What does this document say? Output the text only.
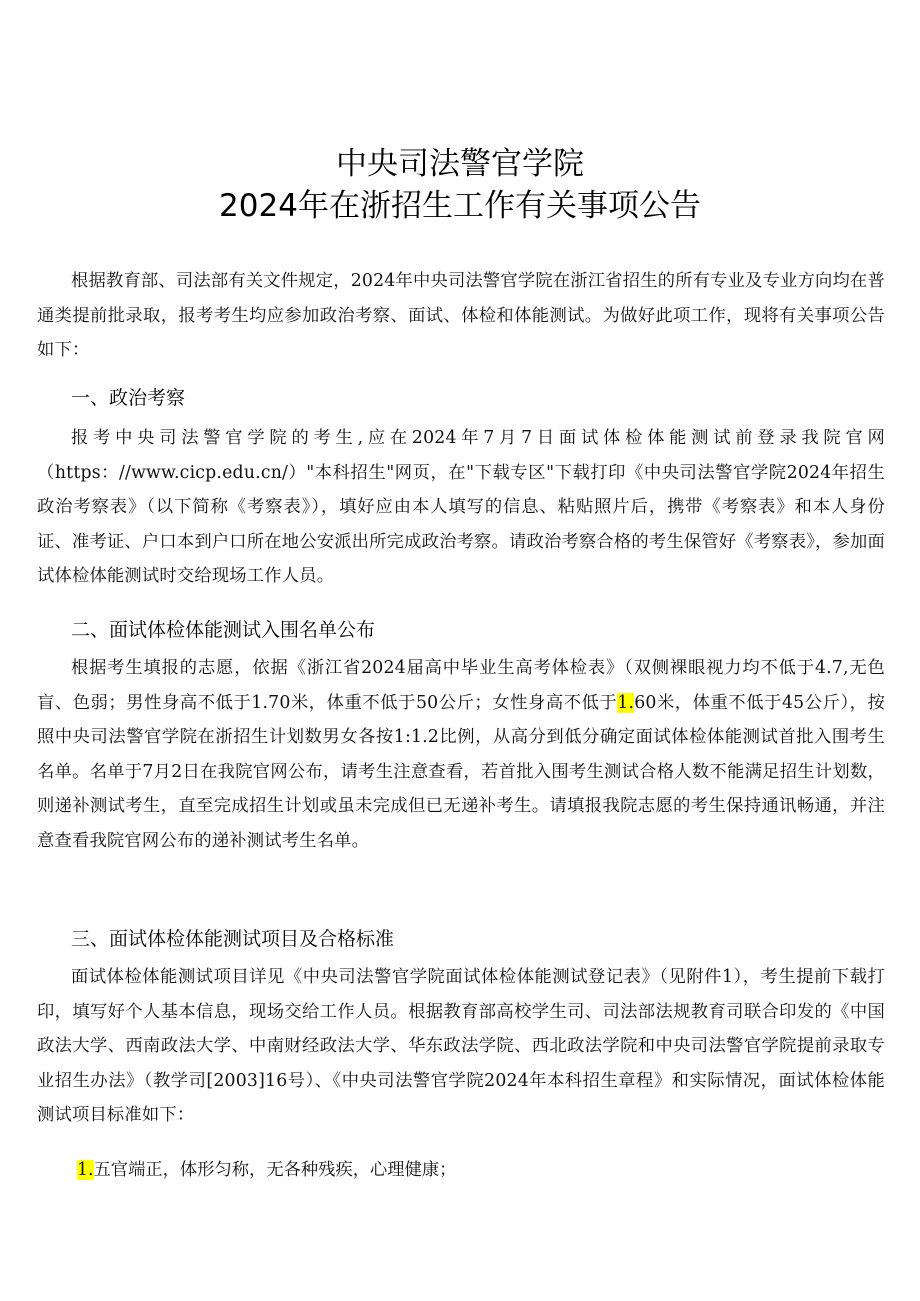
中央司法警官学院
2024年在浙招生工作有关事项公告
根据教育部、司法部有关文件规定，2024年中央司法警官学院在浙江省招生的所有专业及专业方向均在普通类提前批录取，报考考生均应参加政治考察、面试、体检和体能测试。为做好此项工作，现将有关事项公告如下：
一、政治考察
报考中央司法警官学院的考生,应在2024年7月7日面试体检体能测试前登录我院官网（https：//www.cicp.edu.cn/）"本科招生"网页，在"下载专区"下载打印《中央司法警官学院2024年招生政治考察表》（以下简称《考察表》），填好应由本人填写的信息、粘贴照片后，携带《考察表》和本人身份证、准考证、户口本到户口所在地公安派出所完成政治考察。请政治考察合格的考生保管好《考察表》，参加面试体检体能测试时交给现场工作人员。
二、面试体检体能测试入围名单公布
根据考生填报的志愿，依据《浙江省2024届高中毕业生高考体检表》（双侧裸眼视力均不低于4.7,无色盲、色弱；男性身高不低于1.70米，体重不低于50公斤；女性身高不低于1.60米，体重不低于45公斤），按照中央司法警官学院在浙招生计划数男女各按1:1.2比例，从高分到低分确定面试体检体能测试首批入围考生名单。名单于7月2日在我院官网公布，请考生注意查看，若首批入围考生测试合格人数不能满足招生计划数，则递补测试考生，直至完成招生计划或虽未完成但已无递补考生。请填报我院志愿的考生保持通讯畅通，并注意查看我院官网公布的递补测试考生名单。
三、面试体检体能测试项目及合格标准
面试体检体能测试项目详见《中央司法警官学院面试体检体能测试登记表》（见附件1），考生提前下载打印，填写好个人基本信息，现场交给工作人员。根据教育部高校学生司、司法部法规教育司联合印发的《中国政法大学、西南政法大学、中南财经政法大学、华东政法学院、西北政法学院和中央司法警官学院提前录取专业招生办法》（教学司[2003]16号）、《中央司法警官学院2024年本科招生章程》和实际情况，面试体检体能测试项目标准如下：
1.五官端正，体形匀称，无各种残疾，心理健康；
